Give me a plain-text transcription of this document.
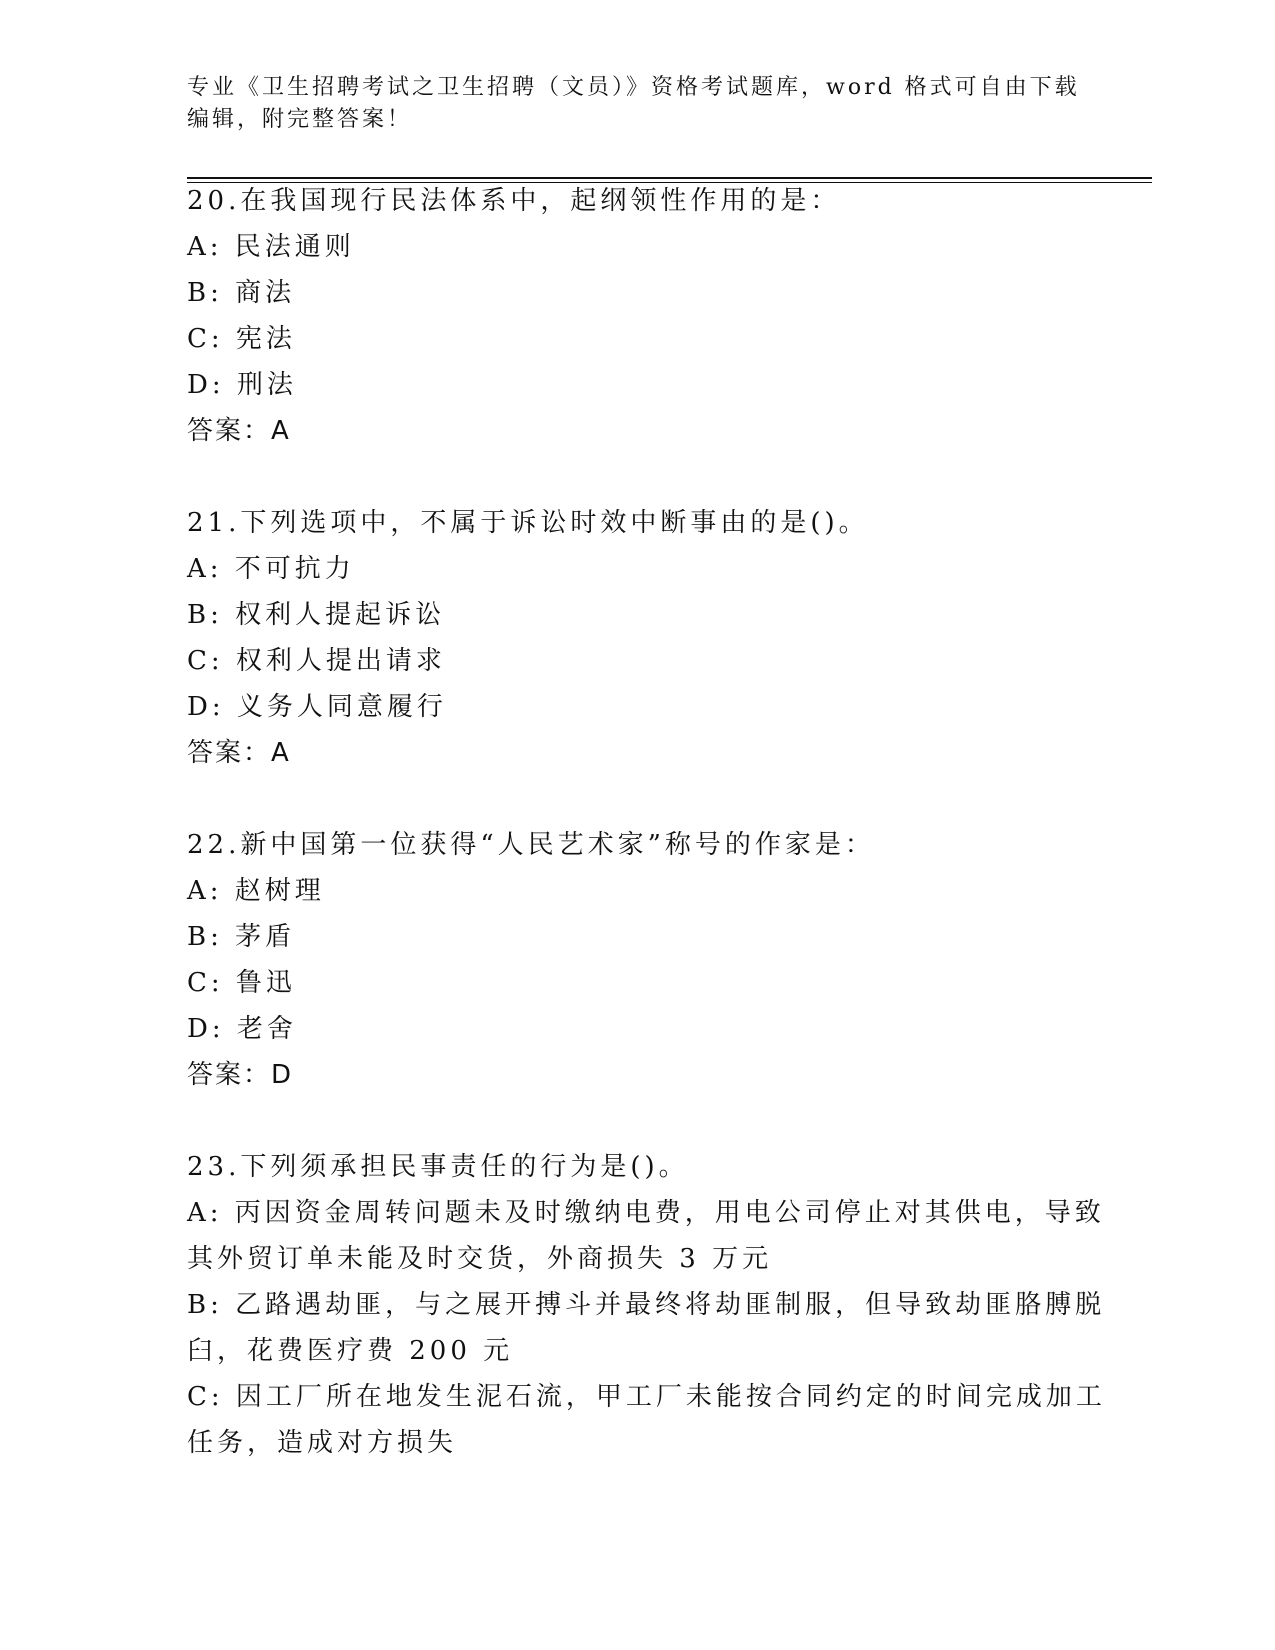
专业《卫生招聘考试之卫生招聘（文员）》资格考试题库，word 格式可自由下载
编辑，附完整答案！
20.在我国现行民法体系中，起纲领性作用的是：
A: 民法通则
B: 商法
C: 宪法
D: 刑法
答案：A
21.下列选项中，不属于诉讼时效中断事由的是()。
A: 不可抗力
B: 权利人提起诉讼
C: 权利人提出请求
D: 义务人同意履行
答案：A
22.新中国第一位获得“人民艺术家”称号的作家是：
A: 赵树理
B: 茅盾
C: 鲁迅
D: 老舍
答案：D
23.下列须承担民事责任的行为是()。
A: 丙因资金周转问题未及时缴纳电费，用电公司停止对其供电，导致
其外贸订单未能及时交货，外商损失 3 万元
B: 乙路遇劫匪，与之展开搏斗并最终将劫匪制服，但导致劫匪胳膊脱
臼，花费医疗费 200 元
C: 因工厂所在地发生泥石流，甲工厂未能按合同约定的时间完成加工
任务，造成对方损失
